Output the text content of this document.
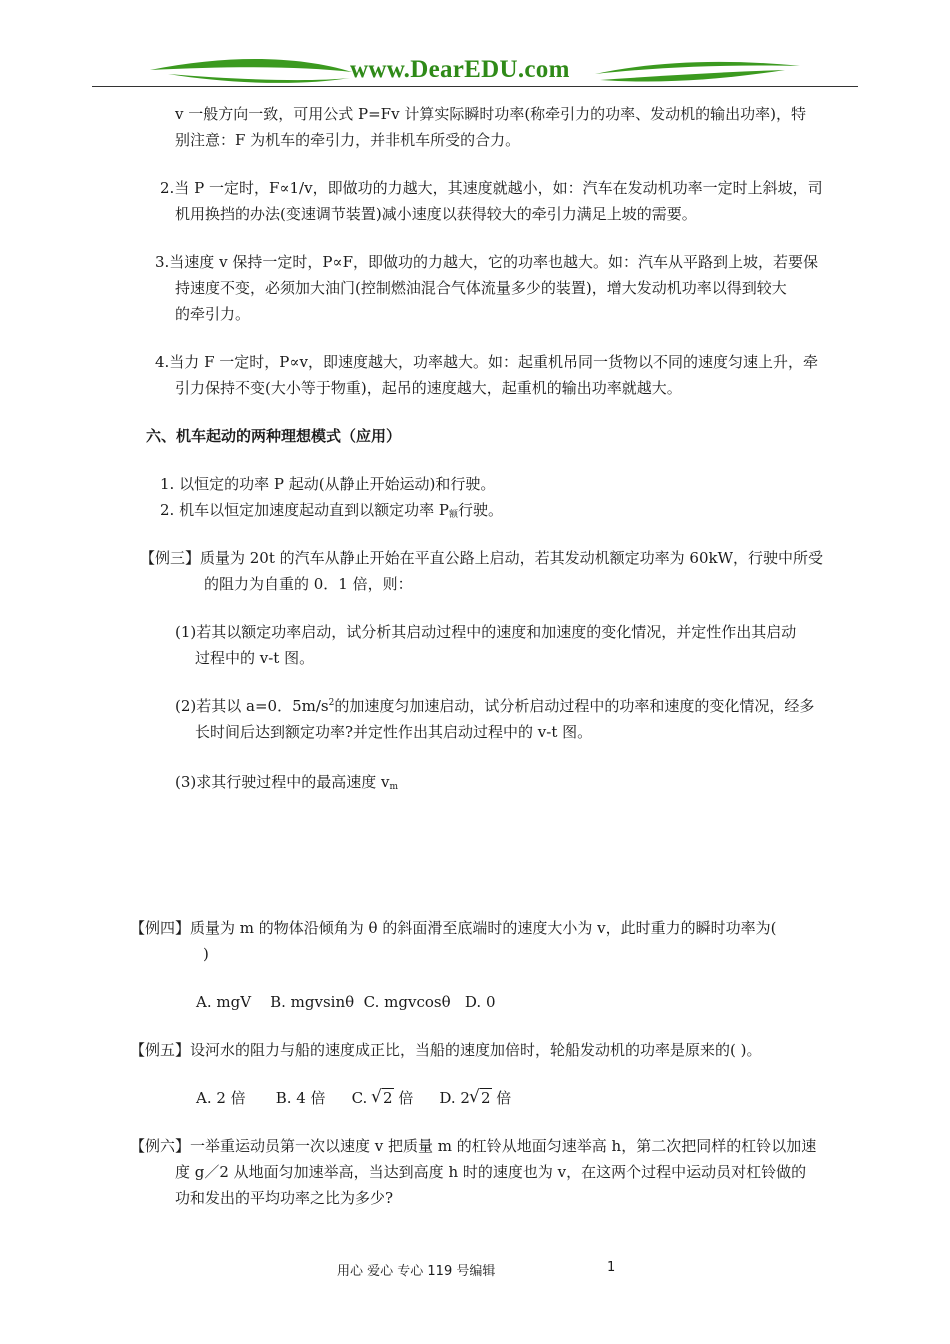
www.DearEDU.com
v 一般方向一致，可用公式 P=Fv 计算实际瞬时功率(称牵引力的功率、发动机的输出功率)，特
别注意：F 为机车的牵引力，并非机车所受的合力。
2.当 P 一定时，F∝1/v，即做功的力越大，其速度就越小，如：汽车在发动机功率一定时上斜坡，司
机用换挡的办法(变速调节装置)减小速度以获得较大的牵引力满足上坡的需要。
3.当速度 v 保持一定时，P∝F，即做功的力越大，它的功率也越大。如：汽车从平路到上坡，若要保
持速度不变，必须加大油门(控制燃油混合气体流量多少的装置)，增大发动机功率以得到较大
的牵引力。
4.当力 F 一定时，P∝v，即速度越大，功率越大。如：起重机吊同一货物以不同的速度匀速上升，牵
引力保持不变(大小等于物重)，起吊的速度越大，起重机的输出功率就越大。
六、机车起动的两种理想模式（应用）
1. 以恒定的功率 P 起动(从静止开始运动)和行驶。
2. 机车以恒定加速度起动直到以额定功率 $P_额$行驶。
【例三】质量为 20t 的汽车从静止开始在平直公路上启动，若其发动机额定功率为 60kW，行驶中所受
的阻力为自重的 0．1 倍，则：
(1)若其以额定功率启动，试分析其启动过程中的速度和加速度的变化情况，并定性作出其启动
过程中的 v-t 图。
(2)若其以 a=0．$5m/s^2$的加速度匀加速启动，试分析启动过程中的功率和速度的变化情况，经多
长时间后达到额定功率?并定性作出其启动过程中的 v-t 图。
(3)求其行驶过程中的最高速度 $v_m$
【例四】质量为 m 的物体沿倾角为 θ 的斜面滑至底端时的速度大小为 v，此时重力的瞬时功率为(
)
A. mgV    B. mgvsinθ  C. mgvcosθ   D. 0
【例五】设河水的阻力与船的速度成正比，当船的速度加倍时，轮船发动机的功率是原来的( )。
A. 2 倍 B. 4 倍 C. √ 2 倍 D. 2√ 2 倍
【例六】一举重运动员第一次以速度 v 把质量 m 的杠铃从地面匀速举高 h，第二次把同样的杠铃以加速
度 g／2 从地面匀加速举高，当达到高度 h 时的速度也为 v，在这两个过程中运动员对杠铃做的
功和发出的平均功率之比为多少?
用心 爱心 专心 119 号编辑	1
